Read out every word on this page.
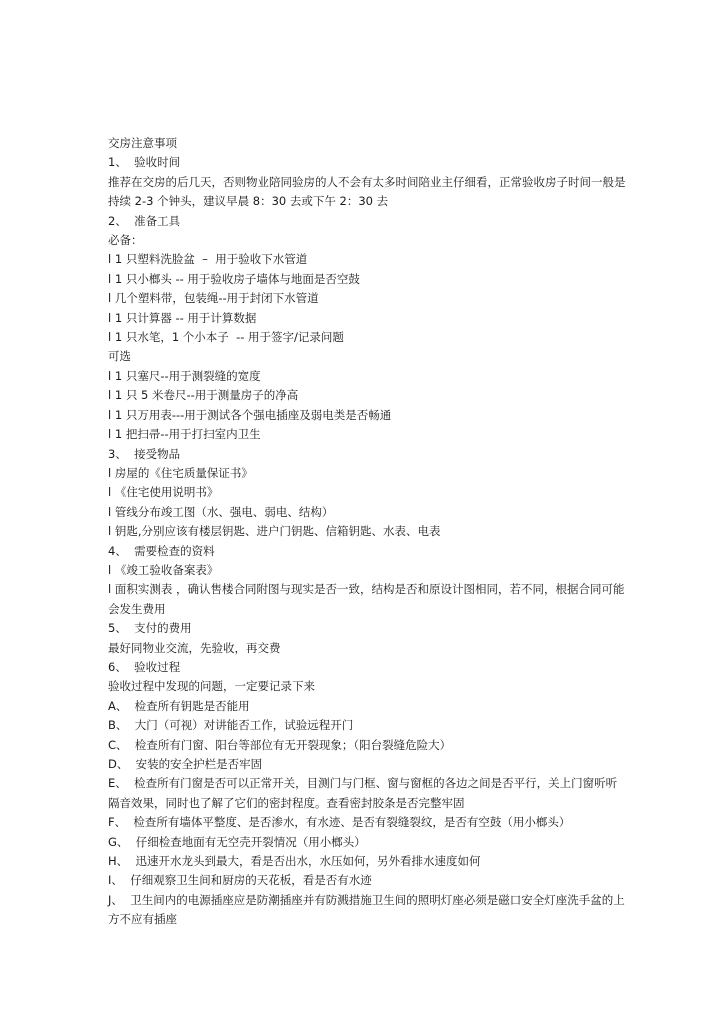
交房注意事项

1、  验收时间

推荐在交房的后几天，否则物业陪同验房的人不会有太多时间陪业主仔细看，正常验收房子时间一般是持续 2-3 个钟头，建议早晨 8：30 去或下午 2：30 去

2、  准备工具

必备：

l 1 只塑料洗脸盆  –  用于验收下水管道

l 1 只小榔头 -- 用于验收房子墙体与地面是否空鼓

l 几个塑料带，包装绳--用于封闭下水管道

l 1 只计算器 -- 用于计算数据

l 1 只水笔，1 个小本子  -- 用于签字/记录问题

可选

l 1 只塞尺--用于测裂缝的宽度

l 1 只 5 米卷尺--用于测量房子的净高

l 1 只万用表---用于测试各个强电插座及弱电类是否畅通

l 1 把扫帚--用于打扫室内卫生

3、  接受物品

l 房屋的《住宅质量保证书》

l 《住宅使用说明书》

l 管线分布竣工图（水、强电、弱电、结构）

l 钥匙,分别应该有楼层钥匙、进户门钥匙、信箱钥匙、水表、电表

4、  需要检查的资料

l 《竣工验收备案表》

l 面积实测表 ，确认售楼合同附图与现实是否一致，结构是否和原设计图相同，若不同，根据合同可能会发生费用

5、  支付的费用

最好同物业交流，先验收，再交费

6、  验收过程

验收过程中发现的问题，一定要记录下来

A、  检查所有钥匙是否能用

B、  大门（可视）对讲能否工作，试验远程开门

C、  检查所有门窗、阳台等部位有无开裂现象；（阳台裂缝危险大）

D、  安装的安全护栏是否牢固

E、  检查所有门窗是否可以正常开关，目测门与门框、窗与窗框的各边之间是否平行，关上门窗听听隔音效果，同时也了解了它们的密封程度。查看密封胶条是否完整牢固

F、  检查所有墙体平整度、是否渗水，有水迹、是否有裂缝裂纹，是否有空鼓（用小榔头）

G、  仔细检查地面有无空壳开裂情况（用小榔头）

H、  迅速开水龙头到最大，看是否出水，水压如何，另外看排水速度如何

I、  仔细观察卫生间和厨房的天花板，看是否有水迹

J、  卫生间内的电源插座应是防潮插座并有防溅措施卫生间的照明灯座必须是磁口安全灯座洗手盆的上方不应有插座
